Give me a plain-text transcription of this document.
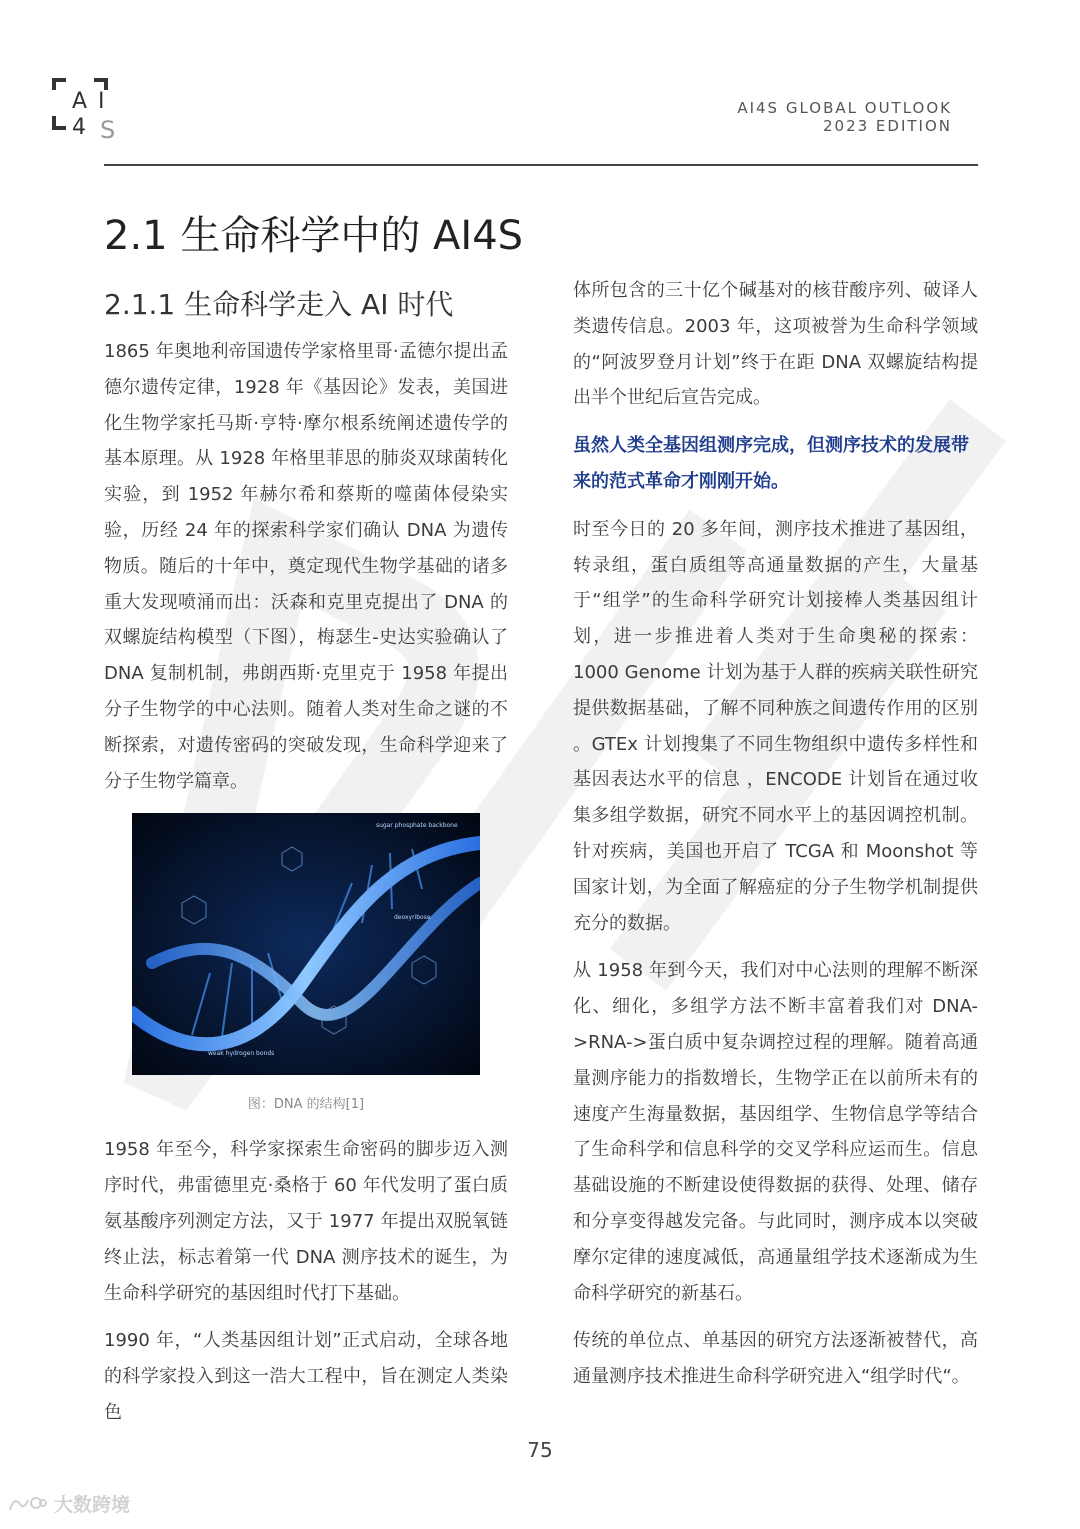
A I
4 S
AI4S GLOBAL OUTLOOK
2023 EDITION
2.1 生命科学中的 AI4S
2.1.1 生命科学走入 AI 时代

1865 年奥地利帝国遗传学家格里哥·孟德尔提出孟德尔遗传定律，1928 年《基因论》发表，美国进化生物学家托马斯·亨特·摩尔根系统阐述遗传学的基本原理。从 1928 年格里菲思的肺炎双球菌转化实验，到 1952 年赫尔希和蔡斯的噬菌体侵染实验，历经 24 年的探索科学家们确认 DNA 为遗传物质。随后的十年中，奠定现代生物学基础的诸多重大发现喷涌而出：沃森和克里克提出了 DNA 的双螺旋结构模型（下图），梅瑟生-史达实验确认了 DNA 复制机制，弗朗西斯·克里克于 1958 年提出分子生物学的中心法则。随着人类对生命之谜的不断探索，对遗传密码的突破发现，生命科学迎来了分子生物学篇章。

sugar phosphate backbone
deoxyribose
weak hydrogen bonds
图：DNA 的结构[1]

1958 年至今，科学家探索生命密码的脚步迈入测序时代，弗雷德里克·桑格于 60 年代发明了蛋白质氨基酸序列测定方法，又于 1977 年提出双脱氧链终止法，标志着第一代 DNA 测序技术的诞生，为生命科学研究的基因组时代打下基础。

1990 年，“人类基因组计划”正式启动，全球各地的科学家投入到这一浩大工程中，旨在测定人类染色

体所包含的三十亿个碱基对的核苷酸序列、破译人类遗传信息。2003 年，这项被誉为生命科学领域的“阿波罗登月计划”终于在距 DNA 双螺旋结构提出半个世纪后宣告完成。

虽然人类全基因组测序完成，但测序技术的发展带来的范式革命才刚刚开始。

时至今日的 20 多年间，测序技术推进了基因组，转录组，蛋白质组等高通量数据的产生，大量基于“组学”的生命科学研究计划接棒人类基因组计划，进一步推进着人类对于生命奥秘的探索：1000 Genome 计划为基于人群的疾病关联性研究提供数据基础，了解不同种族之间遗传作用的区别 。GTEx 计划搜集了不同生物组织中遗传多样性和基因表达水平的信息 ，ENCODE 计划旨在通过收集多组学数据，研究不同水平上的基因调控机制。针对疾病，美国也开启了 TCGA 和 Moonshot 等国家计划，为全面了解癌症的分子生物学机制提供充分的数据。

从 1958 年到今天，我们对中心法则的理解不断深化、细化，多组学方法不断丰富着我们对 DNA->RNA->蛋白质中复杂调控过程的理解。随着高通量测序能力的指数增长，生物学正在以前所未有的速度产生海量数据，基因组学、生物信息学等结合了生命科学和信息科学的交叉学科应运而生。信息基础设施的不断建设使得数据的获得、处理、储存和分享变得越发完备。与此同时，测序成本以突破摩尔定律的速度减低，高通量组学技术逐渐成为生命科学研究的新基石。

传统的单位点、单基因的研究方法逐渐被替代，高通量测序技术推进生命科学研究进入“组学时代“。

75
大数跨境
